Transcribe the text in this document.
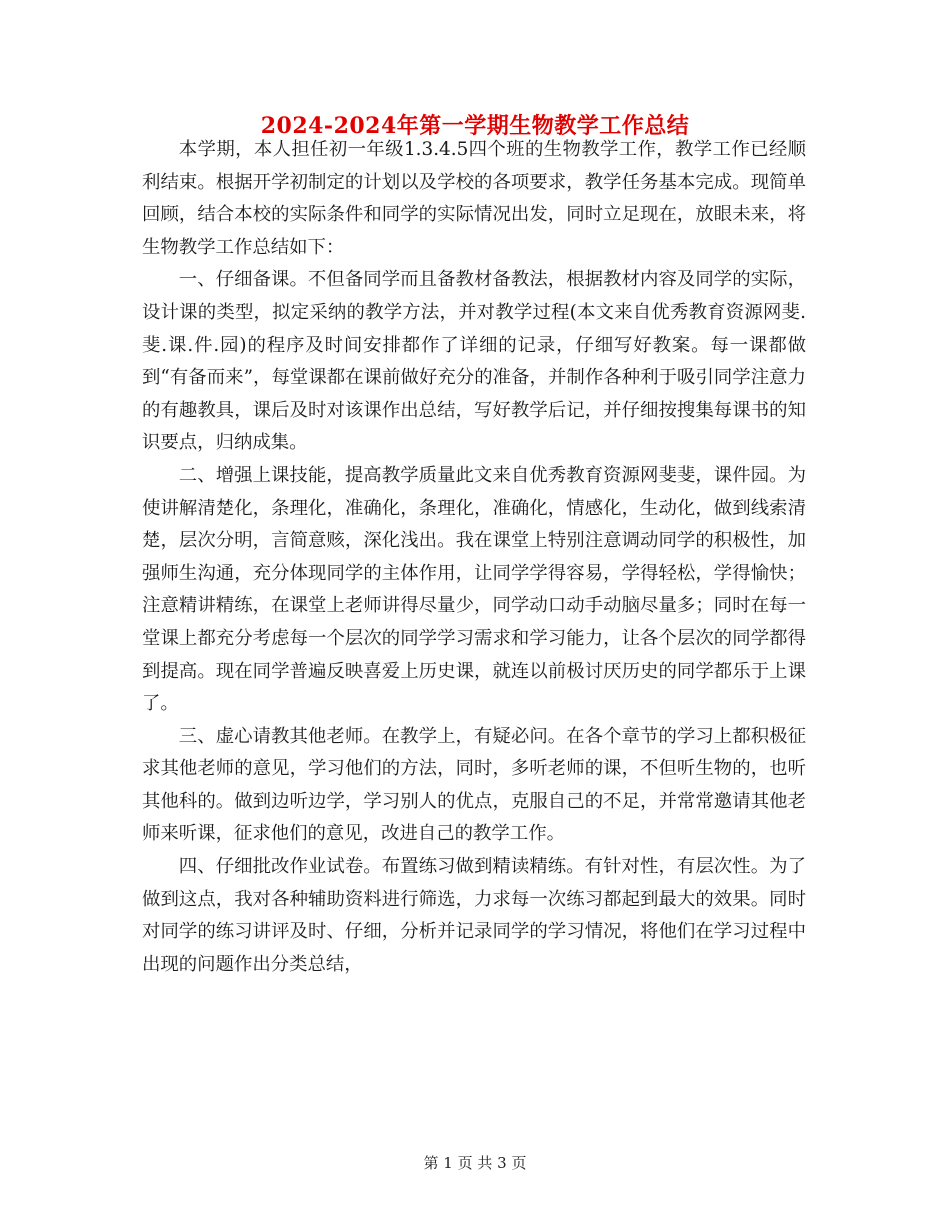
2024-2024年第一学期生物教学工作总结

本学期，本人担任初一年级1.3.4.5四个班的生物教学工作，教学工作已经顺利结束。根据开学初制定的计划以及学校的各项要求，教学任务基本完成。现简单回顾，结合本校的实际条件和同学的实际情况出发，同时立足现在，放眼未来，将生物教学工作总结如下：

一、仔细备课。不但备同学而且备教材备教法，根据教材内容及同学的实际，设计课的类型，拟定采纳的教学方法，并对教学过程(本文来自优秀教育资源网斐.斐.课.件.园)的程序及时间安排都作了详细的记录，仔细写好教案。每一课都做到“有备而来”，每堂课都在课前做好充分的准备，并制作各种利于吸引同学注意力的有趣教具，课后及时对该课作出总结，写好教学后记，并仔细按搜集每课书的知识要点，归纳成集。

二、增强上课技能，提高教学质量此文来自优秀教育资源网斐斐，课件园。为使讲解清楚化，条理化，准确化，条理化，准确化，情感化，生动化，做到线索清楚，层次分明，言简意赅，深化浅出。我在课堂上特别注意调动同学的积极性，加强师生沟通，充分体现同学的主体作用，让同学学得容易，学得轻松，学得愉快；注意精讲精练，在课堂上老师讲得尽量少，同学动口动手动脑尽量多；同时在每一堂课上都充分考虑每一个层次的同学学习需求和学习能力，让各个层次的同学都得到提高。现在同学普遍反映喜爱上历史课，就连以前极讨厌历史的同学都乐于上课了。

三、虚心请教其他老师。在教学上，有疑必问。在各个章节的学习上都积极征求其他老师的意见，学习他们的方法，同时，多听老师的课，不但听生物的，也听其他科的。做到边听边学，学习别人的优点，克服自己的不足，并常常邀请其他老师来听课，征求他们的意见，改进自己的教学工作。

四、仔细批改作业试卷。布置练习做到精读精练。有针对性，有层次性。为了做到这点，我对各种辅助资料进行筛选，力求每一次练习都起到最大的效果。同时对同学的练习讲评及时、仔细，分析并记录同学的学习情况，将他们在学习过程中出现的问题作出分类总结，

第 1 页 共 3 页
